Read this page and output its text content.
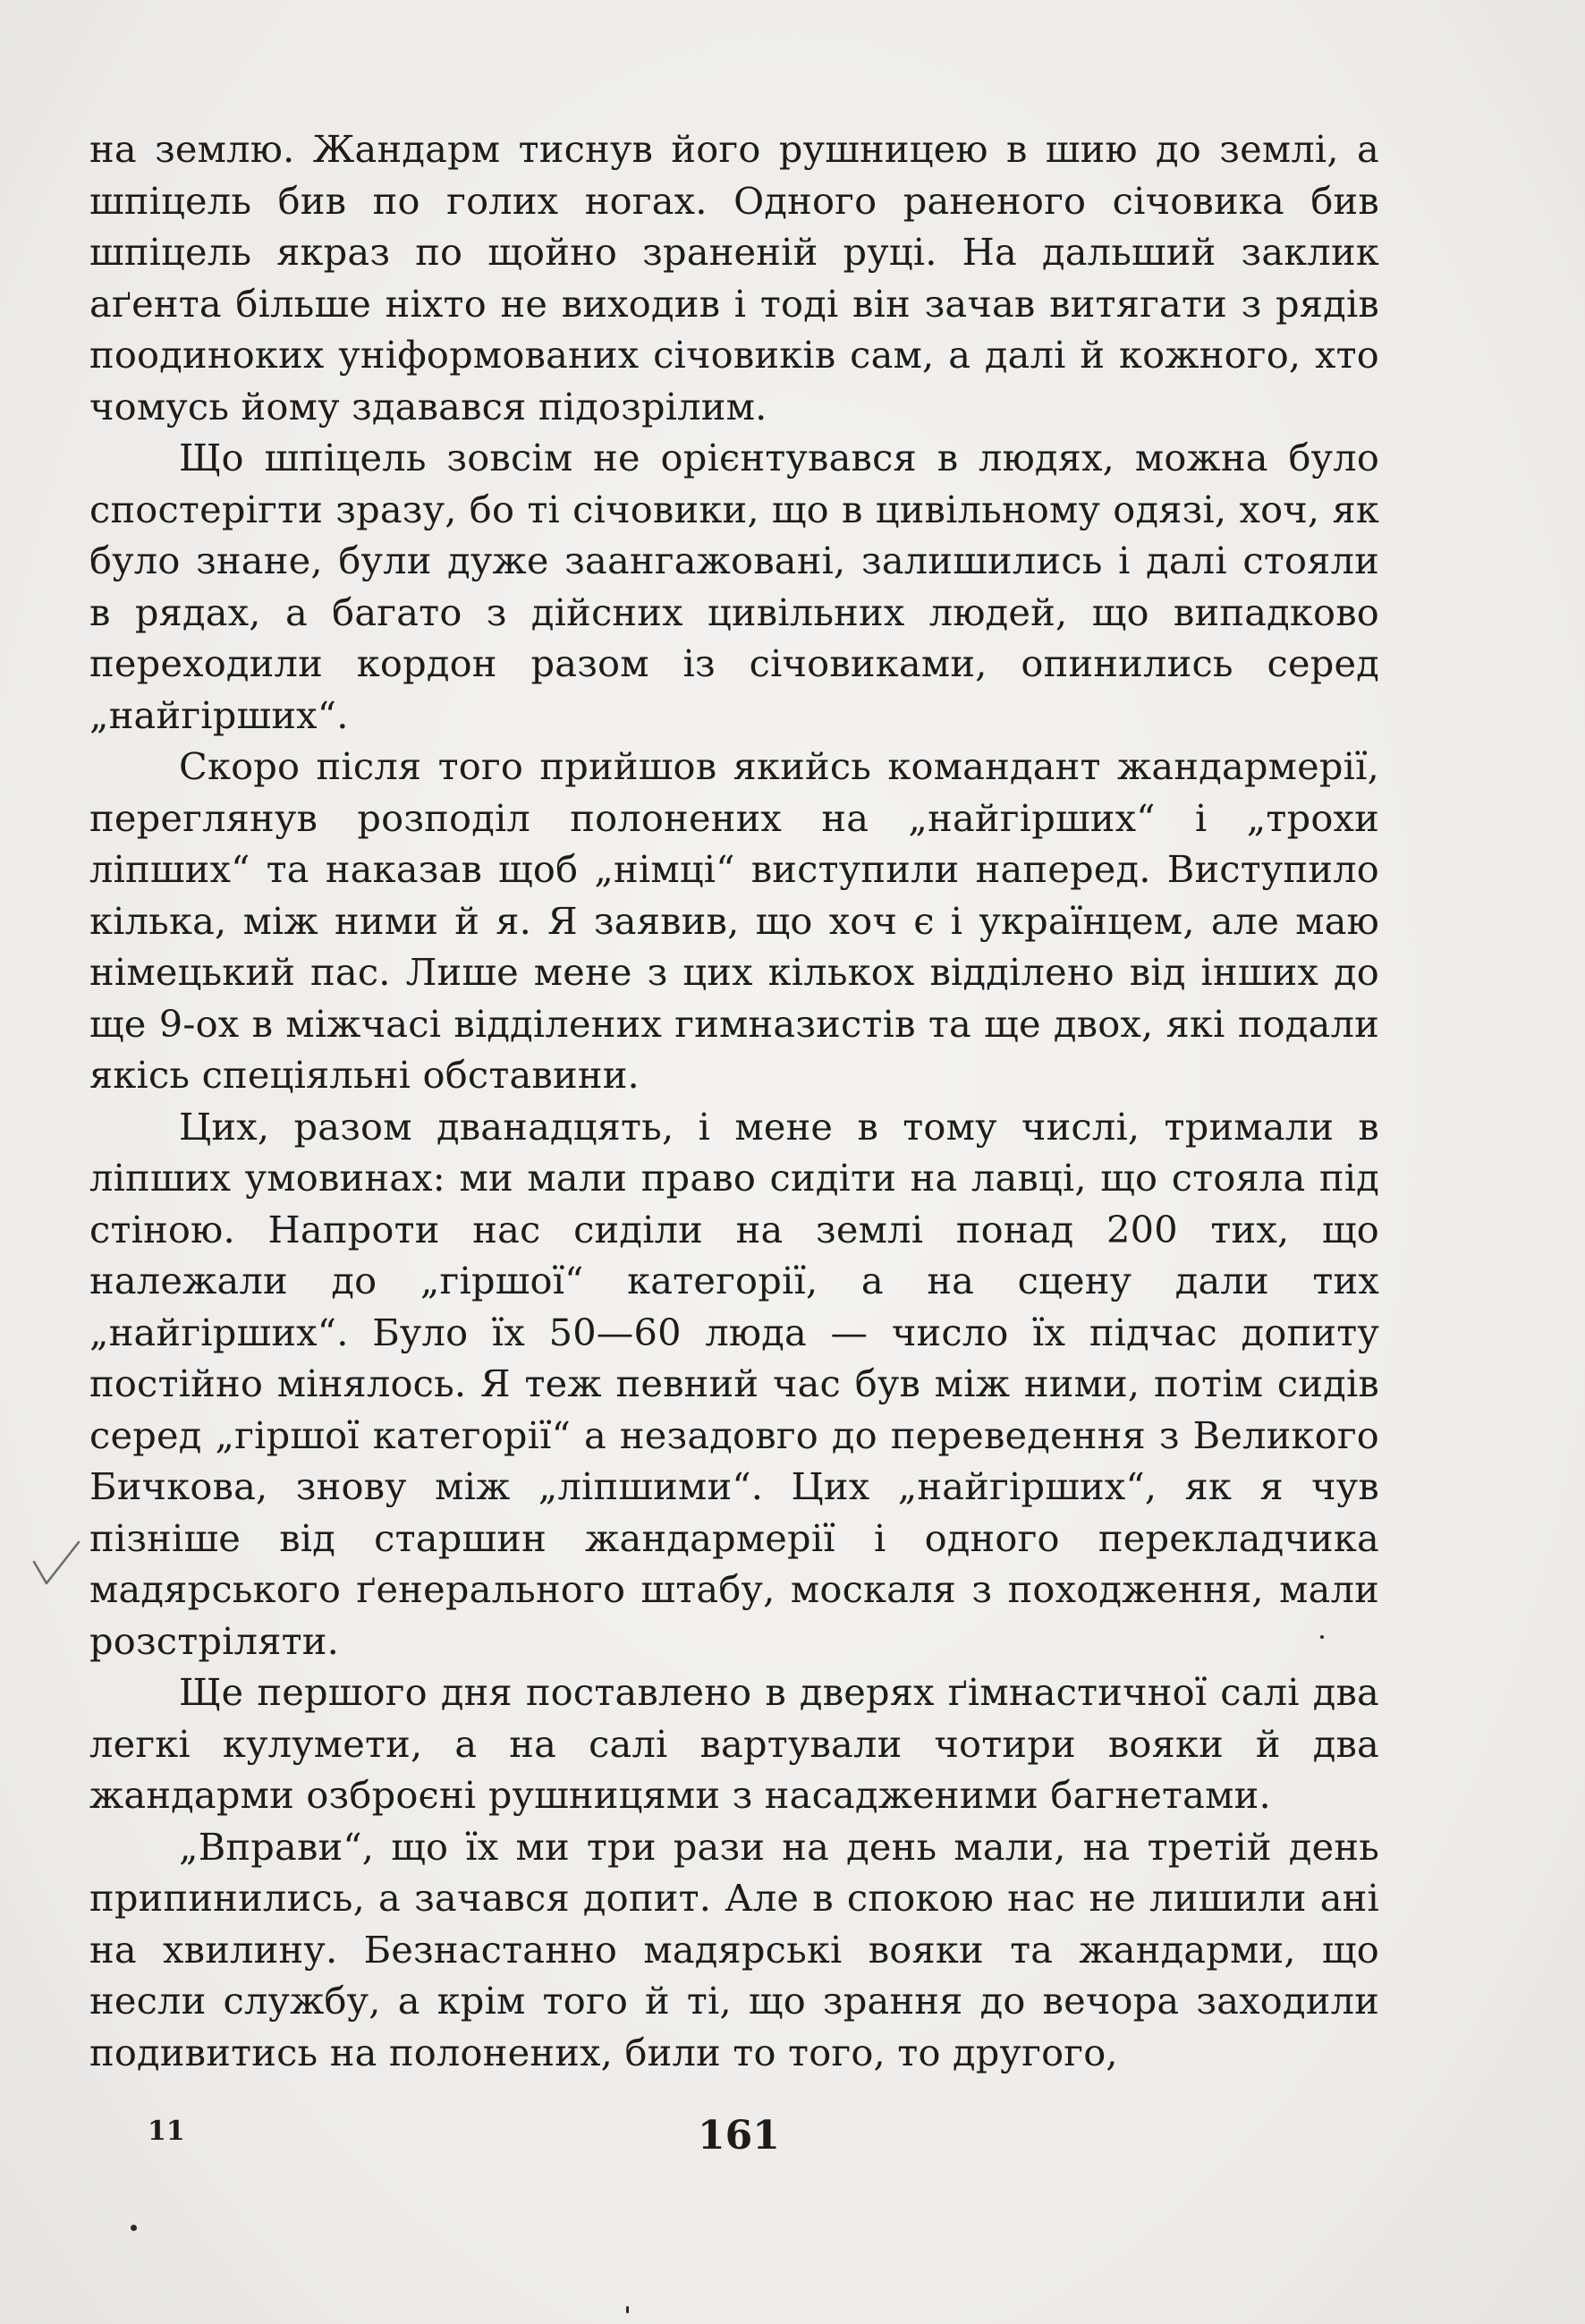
на землю. Жандарм тиснув його рушницею в шию до землі, а шпіцель бив по голих ногах. Одного раненого січовика бив шпіцель якраз по щойно зраненій руці. На дальший заклик аґента більше ніхто не виходив і тоді він зачав витягати з рядів поодиноких уніформованих січовиків сам, а далі й кожного, хто чомусь йому здавався підозрілим.

Що шпіцель зовсім не орієнтувався в людях, можна було спостерігти зразу, бо ті січовики, що в цивільному одязі, хоч, як було знане, були дуже заангажовані, залишились і далі стояли в рядах, а багато з дійсних цивільних людей, що випадково переходили кордон разом із січовиками, опинились серед „найгірших“.

Скоро після того прийшов якийсь командант жандармерії, переглянув розподіл полонених на „найгірших“ і „трохи ліпших“ та наказав щоб „німці“ виступили наперед. Виступило кілька, між ними й я. Я заявив, що хоч є і українцем, але маю німецький пас. Лише мене з цих кількох відділено від інших до ще 9-ох в міжчасі відділених гимназистів та ще двох, які подали якісь спеціяльні обставини.

Цих, разом дванадцять, і мене в тому числі, тримали в ліпших умовинах: ми мали право сидіти на лавці, що стояла під стіною. Напроти нас сиділи на землі понад 200 тих, що належали до „гіршої“ категорії, а на сцену дали тих „найгірших“. Було їх 50—60 люда — число їх підчас допиту постійно мінялось. Я теж певний час був між ними, потім сидів серед „гіршої категорії“ а незадовго до переведення з Великого Бичкова, знову між „ліпшими“. Цих „найгірших“, як я чув пізніше від старшин жандармерії і одного перекладчика мадярського ґенерального штабу, москаля з походження, мали розстріляти.

Ще першого дня поставлено в дверях ґімнастичної салі два легкі кулумети, а на салі вартували чотири вояки й два жандарми озброєні рушницями з насадженими багнетами.

„Вправи“, що їх ми три рази на день мали, на третій день припинились, а зачався допит. Але в спокою нас не лишили ані на хвилину. Безнастанно мадярські вояки та жандарми, що несли службу, а крім того й ті, що зрання до вечора заходили подивитись на полонених, били то того, то другого,

11	161
